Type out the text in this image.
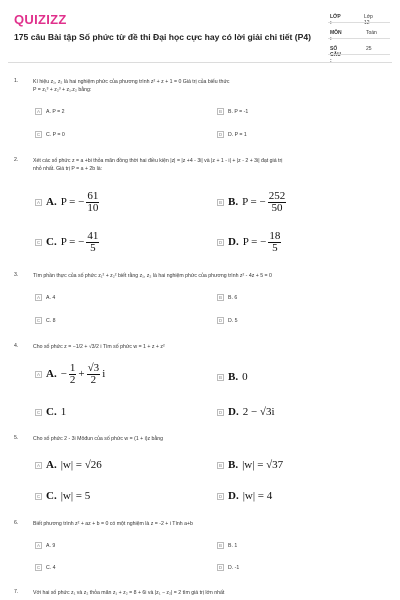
QUIZIZZ
175 câu Bài tập Số phức từ đề thi Đại học cực hay có lời giải chi tiết (P4)
LỚP :
Lớp 12
MÔN :
Toán
SỐ CÂU :
25
1.	Kí hiệu z₁, z₂ là hai nghiệm phức của phương trình z² + z + 1 = 0 Giá trị của biểu thức
P = z₁³ + z₂³ + z₁.z₂ bằng:
A	A. P = 2	B	B. P = -1
C	C. P = 0	D	D. P = 1
2.	Xét các số phức z = a +bi thỏa mãn đồng thời hai điều kiện |z| = |z +4 - 3i| và |z + 1 - i| + |z - 2 + 3i| đạt giá trị
nhỏ nhất. Giá trị P = a + 2b là:
A A. P = − $\frac{61}{10}$	B B. P = − $\frac{252}{50}$
C C. P = − $\frac{41}{5}$	D D. P = − $\frac{18}{5}$
3.	Tìm phần thực của số phức z₁² + z₂² biết rằng z₁, z₂ là hai nghiệm phức của phương trình z² - 4z + 5 = 0
A	A. 4	B	B. 6
C	C. 8	D	D. 5
4.	Cho số phức z = −1/2 + √3/2 i Tìm số phức w = 1 + z + z²
A A. − $\frac{1}{2} + \frac{√3}{2}$ i	B B. 0
C C. 1	D D. 2 − √3i
5.	Cho số phức 2 - 3i Môđun của số phức w = (1 + i)z bằng
A A. |w| = √26	B B. |w| = √37
C C. |w| = 5	D D. |w| = 4
6.	Biết phương trình z² + az + b = 0 có một nghiệm là z = -2 + i Tính a+b
A	A. 9	B	B. 1
C	C. 4	D	D. -1
7.	Với hai số phức z₁ và z₂ thỏa mãn z₁ + z₂ = 8 + 6i và |z₁ − z₂| = 2 tìm giá trị lớn nhất
